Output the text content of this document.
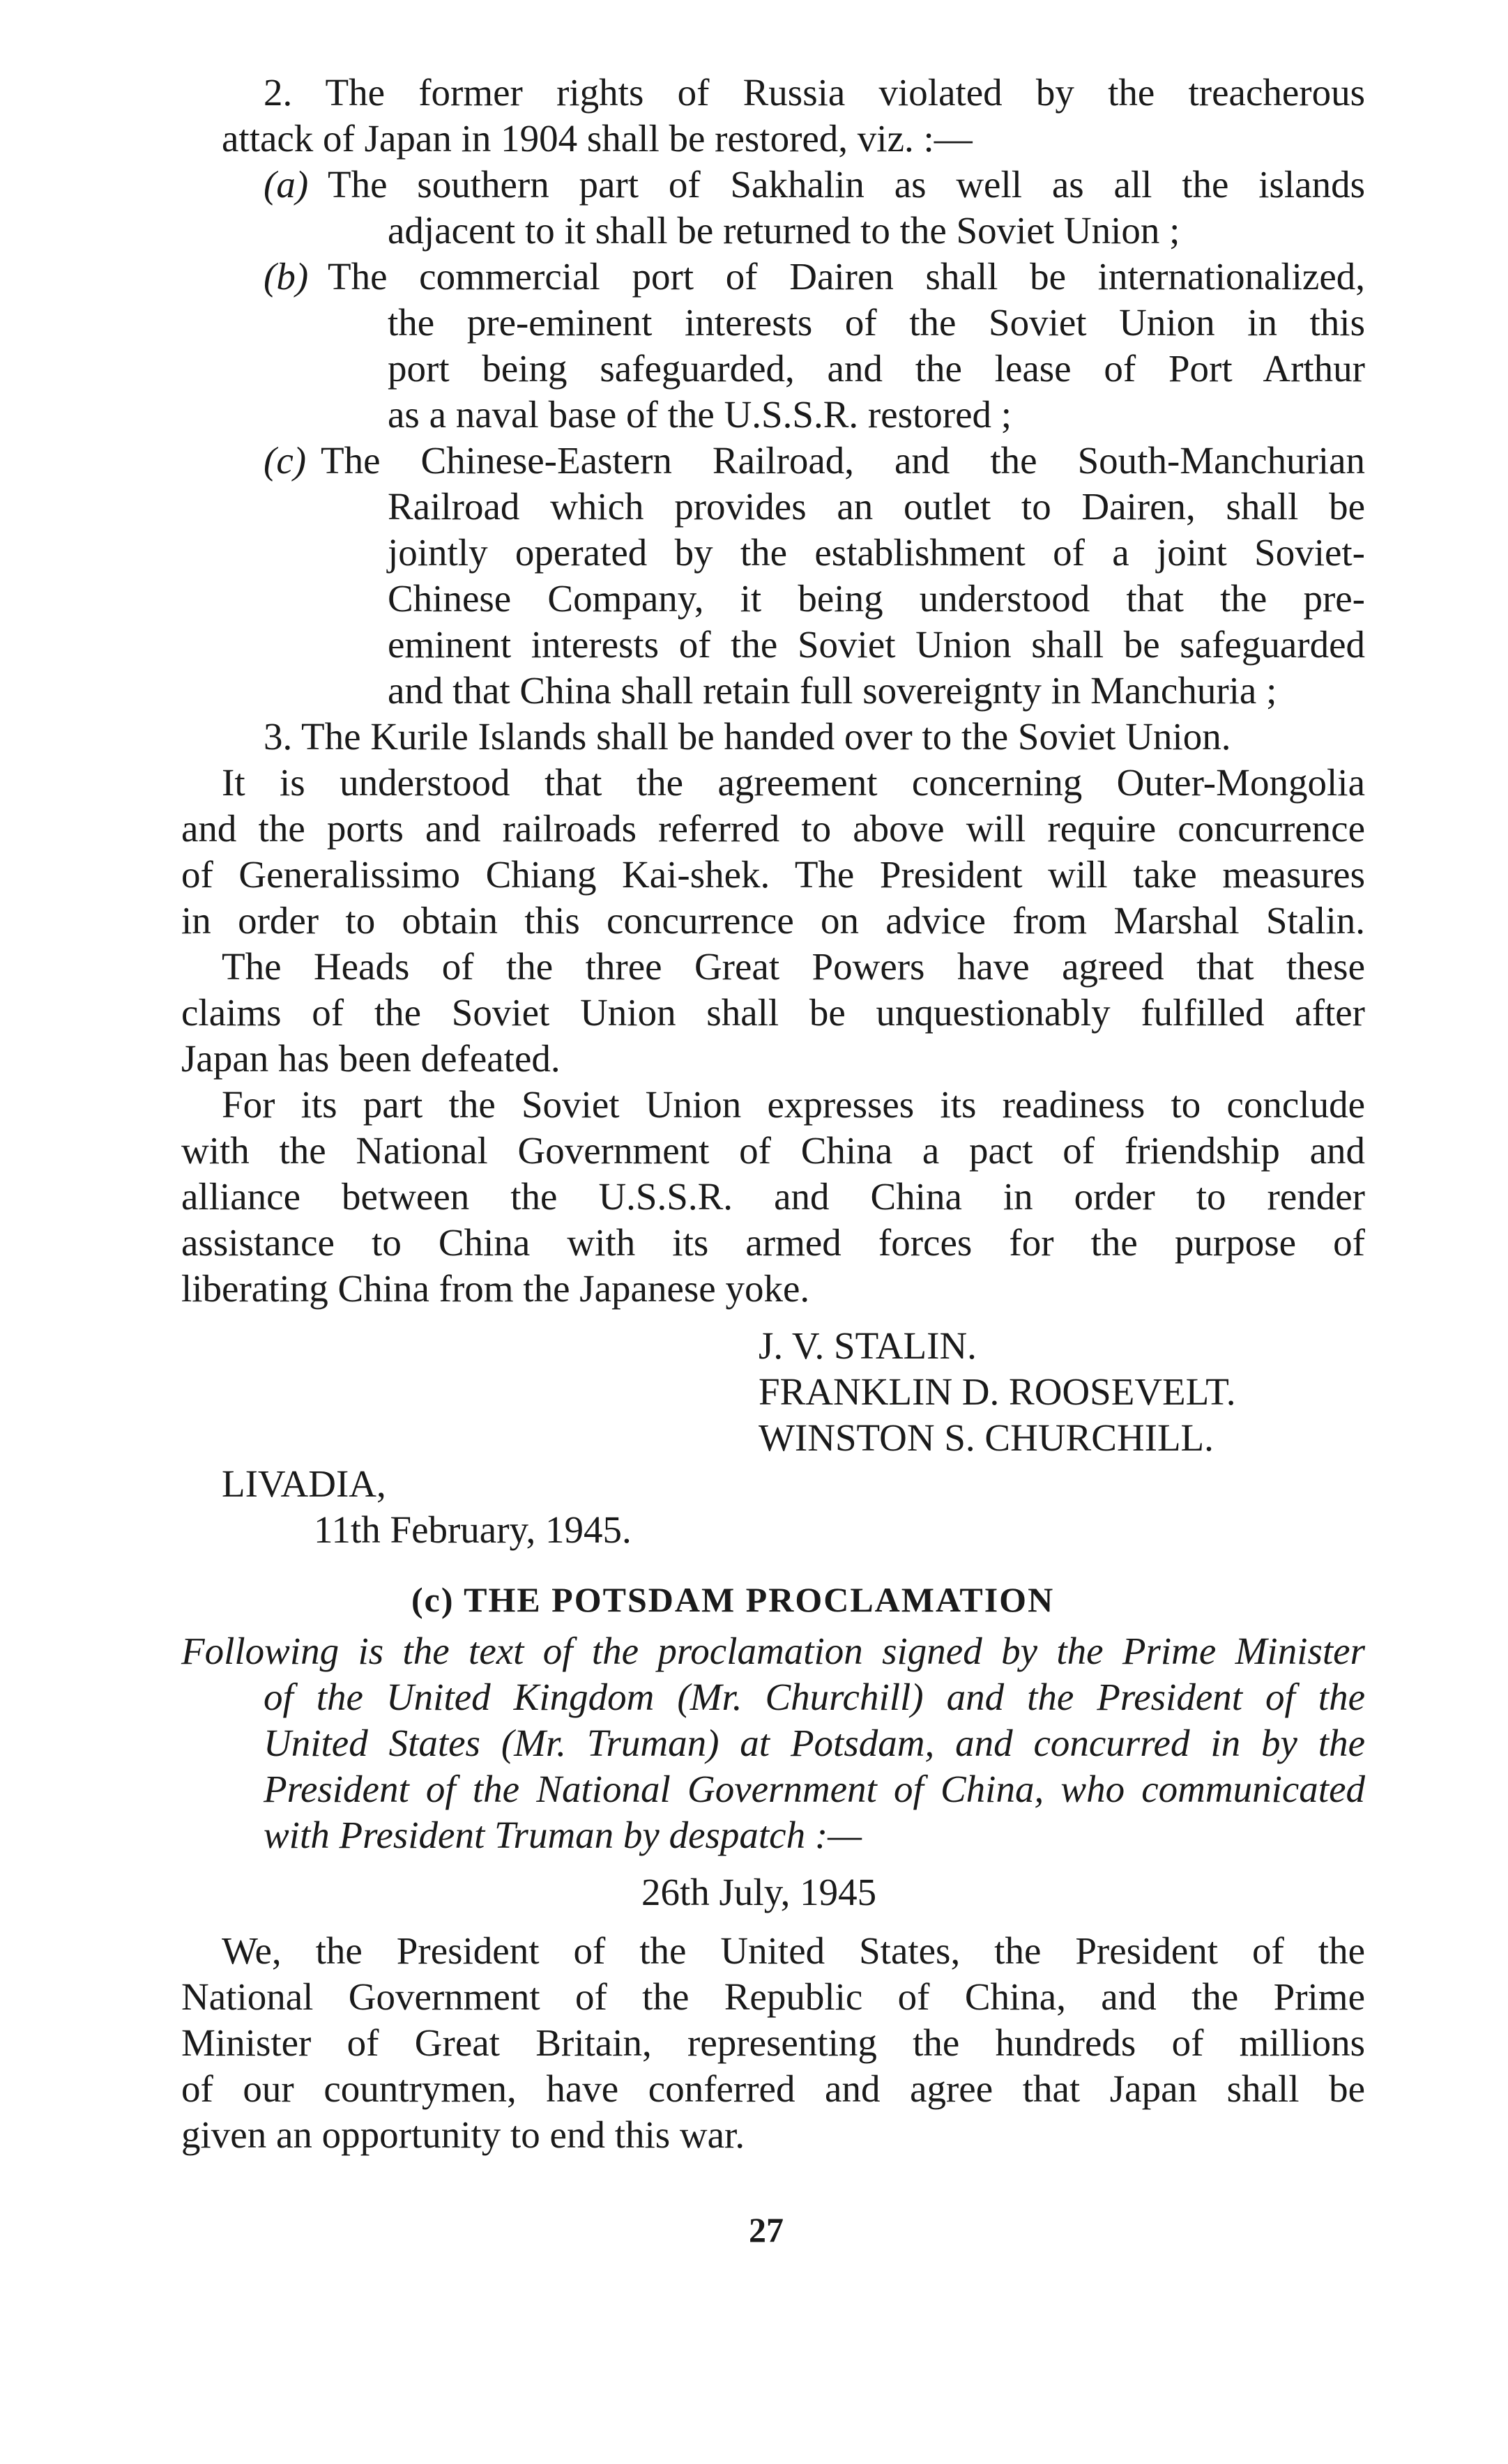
2. The former rights of Russia violated by the treacherous
attack of Japan in 1904 shall be restored, viz. :—
(a) The southern part of Sakhalin as well as all the islands
adjacent to it shall be returned to the Soviet Union ;
(b) The commercial port of Dairen shall be internationalized,
the pre-eminent interests of the Soviet Union in this
port being safeguarded, and the lease of Port Arthur
as a naval base of the U.S.S.R. restored ;
(c) The Chinese-Eastern Railroad, and the South-Manchurian
Railroad which provides an outlet to Dairen, shall be
jointly operated by the establishment of a joint Soviet-
Chinese Company, it being understood that the pre-
eminent interests of the Soviet Union shall be safeguarded
and that China shall retain full sovereignty in Manchuria ;
3. The Kurile Islands shall be handed over to the Soviet Union.
It is understood that the agreement concerning Outer-Mongolia
and the ports and railroads referred to above will require concurrence
of Generalissimo Chiang Kai-shek. The President will take measures
in order to obtain this concurrence on advice from Marshal Stalin.
The Heads of the three Great Powers have agreed that these
claims of the Soviet Union shall be unquestionably fulfilled after
Japan has been defeated.
For its part the Soviet Union expresses its readiness to conclude
with the National Government of China a pact of friendship and
alliance between the U.S.S.R. and China in order to render
assistance to China with its armed forces for the purpose of
liberating China from the Japanese yoke.
J. V. STALIN.
FRANKLIN D. ROOSEVELT.
WINSTON S. CHURCHILL.
LIVADIA,
11th February, 1945.
(c) THE POTSDAM PROCLAMATION
Following is the text of the proclamation signed by the Prime Minister
of the United Kingdom (Mr. Churchill) and the President of the
United States (Mr. Truman) at Potsdam, and concurred in by the
President of the National Government of China, who communicated
with President Truman by despatch :—
26th July, 1945
We, the President of the United States, the President of the
National Government of the Republic of China, and the Prime
Minister of Great Britain, representing the hundreds of millions
of our countrymen, have conferred and agree that Japan shall be
given an opportunity to end this war.
27
